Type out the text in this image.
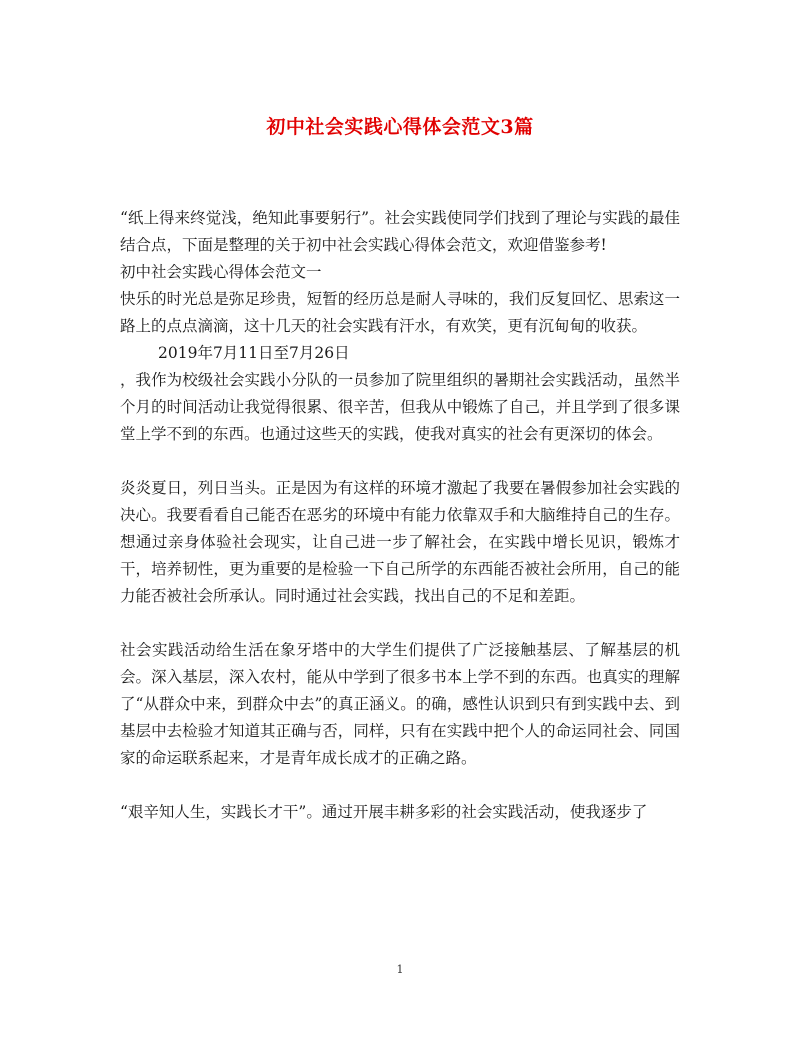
初中社会实践心得体会范文3篇

“纸上得来终觉浅，绝知此事要躬行”。社会实践使同学们找到了理论与实践的最佳结合点，下面是整理的关于初中社会实践心得体会范文，欢迎借鉴参考!

初中社会实践心得体会范文一

快乐的时光总是弥足珍贵，短暂的经历总是耐人寻味的，我们反复回忆、思索这一路上的点点滴滴，这十几天的社会实践有汗水，有欢笑，更有沉甸甸的收获。

2019年7月11日至7月26日

，我作为校级社会实践小分队的一员参加了院里组织的暑期社会实践活动，虽然半个月的时间活动让我觉得很累、很辛苦，但我从中锻炼了自己，并且学到了很多课堂上学不到的东西。也通过这些天的实践，使我对真实的社会有更深切的体会。

炎炎夏日，列日当头。正是因为有这样的环境才激起了我要在暑假参加社会实践的决心。我要看看自己能否在恶劣的环境中有能力依靠双手和大脑维持自己的生存。想通过亲身体验社会现实，让自己进一步了解社会，在实践中增长见识，锻炼才干，培养韧性，更为重要的是检验一下自己所学的东西能否被社会所用，自己的能力能否被社会所承认。同时通过社会实践，找出自己的不足和差距。

社会实践活动给生活在象牙塔中的大学生们提供了广泛接触基层、了解基层的机会。深入基层，深入农村，能从中学到了很多书本上学不到的东西。也真实的理解了“从群众中来，到群众中去”的真正涵义。的确，感性认识到只有到实践中去、到基层中去检验才知道其正确与否，同样，只有在实践中把个人的命运同社会、同国家的命运联系起来，才是青年成长成才的正确之路。

“艰辛知人生，实践长才干”。通过开展丰耕多彩的社会实践活动，使我逐步了

1
